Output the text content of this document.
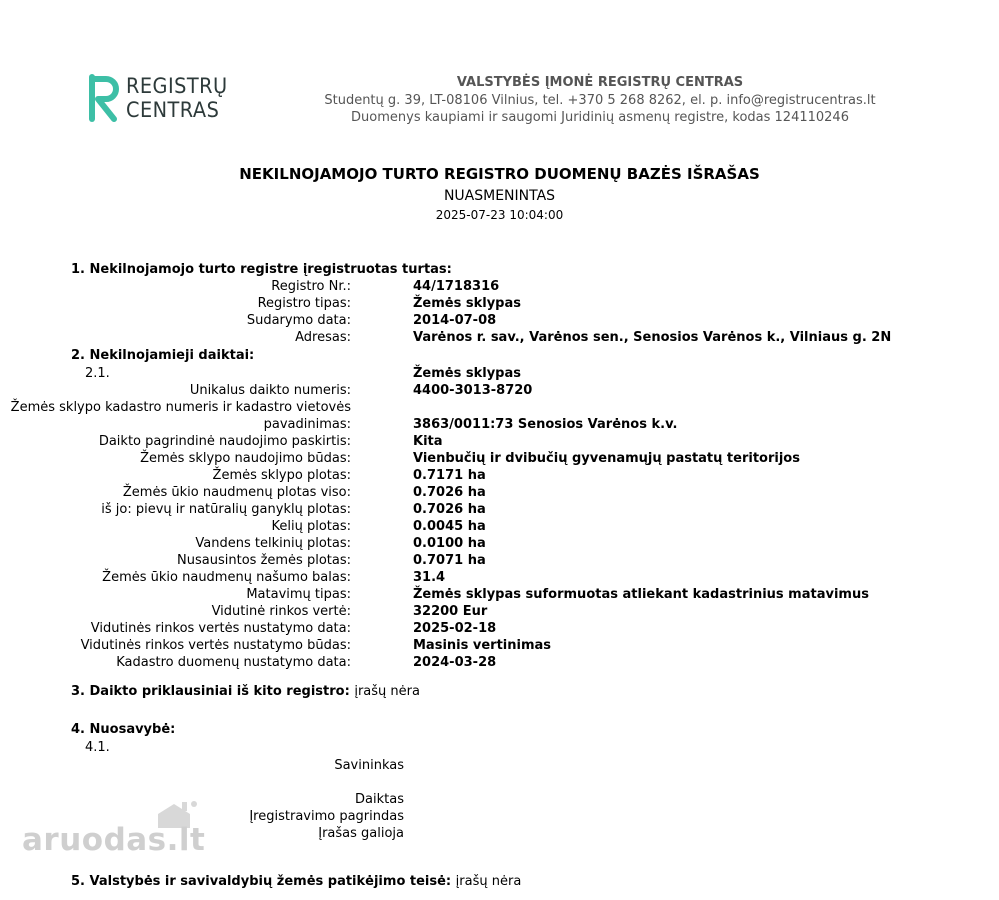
REGISTRŲ
CENTRAS
VALSTYBĖS ĮMONĖ REGISTRŲ CENTRAS
Studentų g. 39, LT-08106 Vilnius, tel. +370 5 268 8262, el. p. info@registrucentras.lt
Duomenys kaupiami ir saugomi Juridinių asmenų registre, kodas 124110246
NEKILNOJAMOJO TURTO REGISTRO DUOMENŲ BAZĖS IŠRAŠAS
NUASMENINTAS
2025-07-23 10:04:00
1. Nekilnojamojo turto registre įregistruotas turtas:
Registro Nr.:	44/1718316
Registro tipas:	Žemės sklypas
Sudarymo data:	2014-07-08
Adresas:	Varėnos r. sav., Varėnos sen., Senosios Varėnos k., Vilniaus g. 2N
2. Nekilnojamieji daiktai:
2.1.	Žemės sklypas
Unikalus daikto numeris:	4400-3013-8720
Žemės sklypo kadastro numeris ir kadastro vietovės
pavadinimas:	3863/0011:73 Senosios Varėnos k.v.
Daikto pagrindinė naudojimo paskirtis:	Kita
Žemės sklypo naudojimo būdas:	Vienbučių ir dvibučių gyvenamųjų pastatų teritorijos
Žemės sklypo plotas:	0.7171 ha
Žemės ūkio naudmenų plotas viso:	0.7026 ha
iš jo: pievų ir natūralių ganyklų plotas:	0.7026 ha
Kelių plotas:	0.0045 ha
Vandens telkinių plotas:	0.0100 ha
Nusausintos žemės plotas:	0.7071 ha
Žemės ūkio naudmenų našumo balas:	31.4
Matavimų tipas:	Žemės sklypas suformuotas atliekant kadastrinius matavimus
Vidutinė rinkos vertė:	32200 Eur
Vidutinės rinkos vertės nustatymo data:	2025-02-18
Vidutinės rinkos vertės nustatymo būdas:	Masinis vertinimas
Kadastro duomenų nustatymo data:	2024-03-28
3. Daikto priklausiniai iš kito registro: įrašų nėra
4. Nuosavybė:
4.1.
Savininkas
Daiktas
Įregistravimo pagrindas
Įrašas galioja
5. Valstybės ir savivaldybių žemės patikėjimo teisė: įrašų nėra
aruodas.lt
